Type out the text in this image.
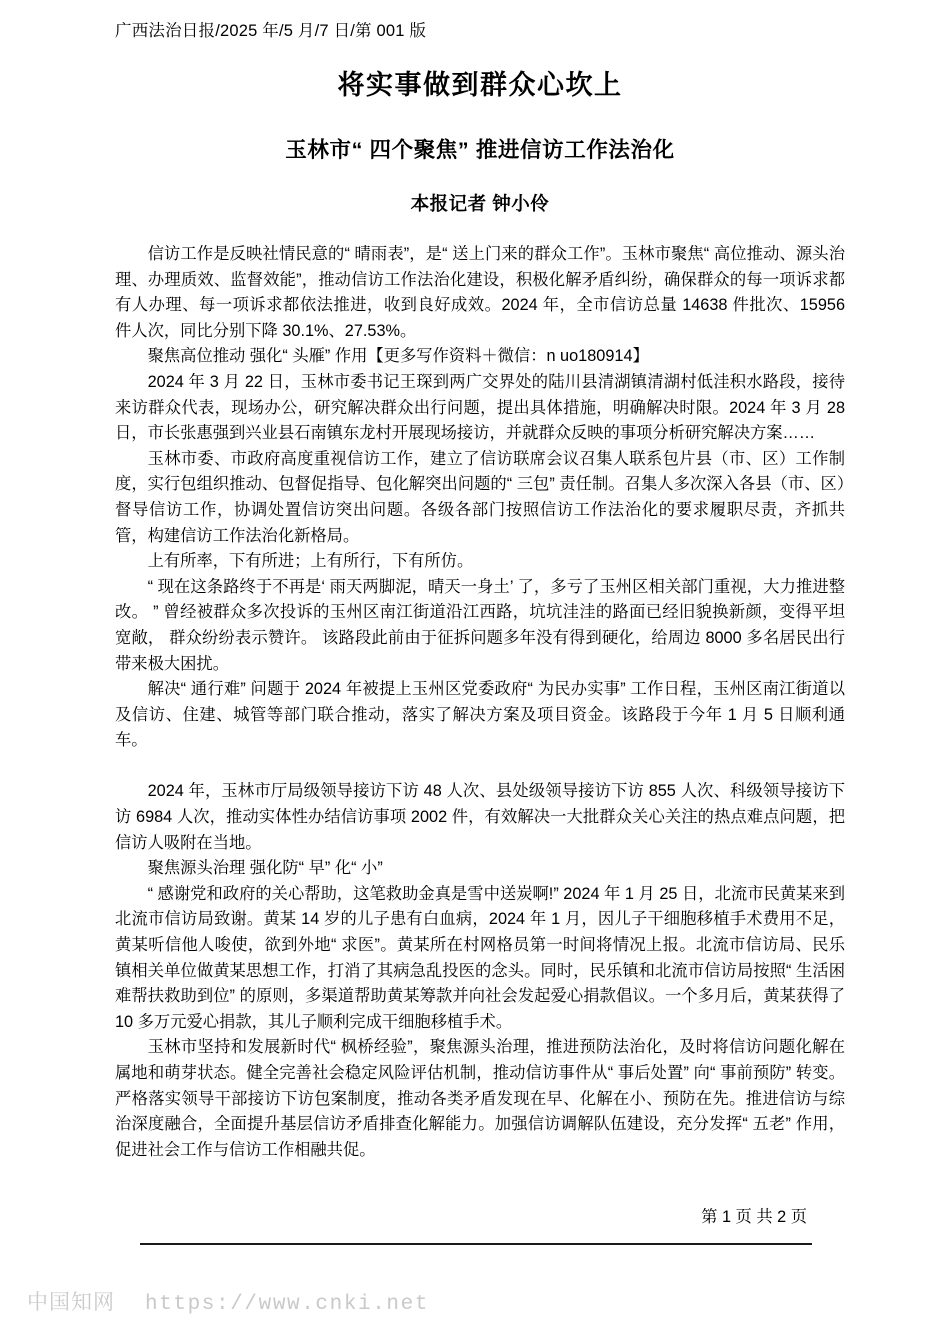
广西法治日报/2025 年/5 月/7 日/第 001 版
将实事做到群众心坎上
玉林市“ 四个聚焦” 推进信访工作法治化
本报记者 钟小伶

信访工作是反映社情民意的“ 晴雨表”，是“ 送上门来的群众工作”。玉林市聚焦“ 高位推动、源头治理、办理质效、监督效能”，推动信访工作法治化建设，积极化解矛盾纠纷，确保群众的每一项诉求都有人办理、每一项诉求都依法推进，收到良好成效。2024 年，全市信访总量 14638 件批次、15956 件人次，同比分别下降 30.1%、27.53%。

聚焦高位推动 强化“ 头雁” 作用【更多写作资料＋微信：n uo180914】

2024 年 3 月 22 日，玉林市委书记王琛到两广交界处的陆川县清湖镇清湖村低洼积水路段，接待来访群众代表，现场办公，研究解决群众出行问题，提出具体措施，明确解决时限。2024 年 3 月 28 日，市长张惠强到兴业县石南镇东龙村开展现场接访，并就群众反映的事项分析研究解决方案……

玉林市委、市政府高度重视信访工作，建立了信访联席会议召集人联系包片县（市、区）工作制度，实行包组织推动、包督促指导、包化解突出问题的“ 三包” 责任制。召集人多次深入各县（市、区）督导信访工作，协调处置信访突出问题。各级各部门按照信访工作法治化的要求履职尽责，齐抓共管，构建信访工作法治化新格局。

上有所率，下有所进；上有所行，下有所仿。

“ 现在这条路终于不再是‘ 雨天两脚泥，晴天一身土’ 了，多亏了玉州区相关部门重视，大力推进整改。 ” 曾经被群众多次投诉的玉州区南江街道沿江西路，坑坑洼洼的路面已经旧貌换新颜，变得平坦宽敞， 群众纷纷表示赞许。 该路段此前由于征拆问题多年没有得到硬化，给周边 8000 多名居民出行带来极大困扰。

解决“ 通行难” 问题于 2024 年被提上玉州区党委政府“ 为民办实事” 工作日程，玉州区南江街道以及信访、住建、城管等部门联合推动，落实了解决方案及项目资金。该路段于今年 1 月 5 日顺利通车。

2024 年，玉林市厅局级领导接访下访 48 人次、县处级领导接访下访 855 人次、科级领导接访下访 6984 人次，推动实体性办结信访事项 2002 件，有效解决一大批群众关心关注的热点难点问题，把信访人吸附在当地。

聚焦源头治理 强化防“ 早” 化“ 小”

“ 感谢党和政府的关心帮助，这笔救助金真是雪中送炭啊!” 2024 年 1 月 25 日，北流市民黄某来到北流市信访局致谢。黄某 14 岁的儿子患有白血病，2024 年 1 月，因儿子干细胞移植手术费用不足，黄某听信他人唆使，欲到外地“ 求医”。黄某所在村网格员第一时间将情况上报。北流市信访局、民乐镇相关单位做黄某思想工作，打消了其病急乱投医的念头。同时，民乐镇和北流市信访局按照“ 生活困难帮扶救助到位” 的原则，多渠道帮助黄某筹款并向社会发起爱心捐款倡议。一个多月后，黄某获得了 10 多万元爱心捐款，其儿子顺利完成干细胞移植手术。

玉林市坚持和发展新时代“ 枫桥经验”，聚焦源头治理，推进预防法治化，及时将信访问题化解在属地和萌芽状态。健全完善社会稳定风险评估机制，推动信访事件从“ 事后处置” 向“ 事前预防” 转变。严格落实领导干部接访下访包案制度，推动各类矛盾发现在早、化解在小、预防在先。推进信访与综治深度融合，全面提升基层信访矛盾排查化解能力。加强信访调解队伍建设，充分发挥“ 五老” 作用，促进社会工作与信访工作相融共促。

第 1 页 共 2 页
中国知网 https://www.cnki.net
